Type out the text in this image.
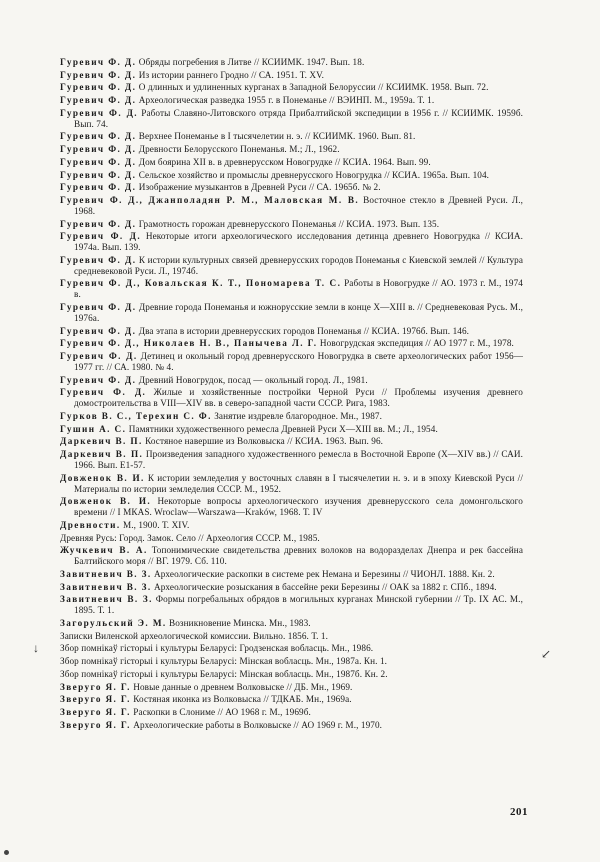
Гуревич Ф. Д. Обряды погребения в Литве // КСИИМК. 1947. Вып. 18.
Гуревич Ф. Д. Из истории раннего Гродно // СА. 1951. Т. XV.
Гуревич Ф. Д. О длинных и удлиненных курганах в Западной Белоруссии // КСИИМК. 1958. Вып. 72.
Гуревич Ф. Д. Археологическая разведка 1955 г. в Понеманье // ВЭИНП. М., 1959а. Т. 1.
Гуревич Ф. Д. Работы Славяно-Литовского отряда Прибалтийской экспедиции в 1956 г. // КСИИМК. 1959б. Вып. 74.
Гуревич Ф. Д. Верхнее Понеманье в I тысячелетии н. э. // КСИИМК. 1960. Вып. 81.
Гуревич Ф. Д. Древности Белорусского Понеманья. М.; Л., 1962.
Гуревич Ф. Д. Дом боярина XII в. в древнерусском Новогрудке // КСИА. 1964. Вып. 99.
Гуревич Ф. Д. Сельское хозяйство и промыслы древнерусского Новогрудка // КСИА. 1965а. Вып. 104.
Гуревич Ф. Д. Изображение музыкантов в Древней Руси // СА. 1965б. № 2.
Гуревич Ф. Д., Джанполадян Р. М., Маловская М. В. Восточное стекло в Древней Руси. Л., 1968.
Гуревич Ф. Д. Грамотность горожан древнерусского Понеманья // КСИА. 1973. Вып. 135.
Гуревич Ф. Д. Некоторые итоги археологического исследования детинца древнего Новогрудка // КСИА. 1974а. Вып. 139.
Гуревич Ф. Д. К истории культурных связей древнерусских городов Понеманья с Киевской землей // Культура средневековой Руси. Л., 1974б.
Гуревич Ф. Д., Ковальская К. Т., Пономарева Т. С. Работы в Новогрудке // АО. 1973 г. М., 1974 в.
Гуревич Ф. Д. Древние города Понеманья и южнорусские земли в конце X—XIII в. // Средневековая Русь. М., 1976а.
Гуревич Ф. Д. Два этапа в истории древнерусских городов Понеманья // КСИА. 1976б. Вып. 146.
Гуревич Ф. Д., Николаев Н. В., Панычева Л. Г. Новогрудская экспедиция // АО 1977 г. М., 1978.
Гуревич Ф. Д. Детинец и окольный город древнерусского Новогрудка в свете археологических работ 1956—1977 гг. // СА. 1980. № 4.
Гуревич Ф. Д. Древний Новогрудок, посад — окольный город. Л., 1981.
Гуревич Ф. Д. Жилые и хозяйственные постройки Черной Руси // Проблемы изучения древнего домостроительства в VIII—XIV вв. в северо-западной части СССР. Рига, 1983.
Гурков В. С., Терехин С. Ф. Занятие издревле благородное. Мн., 1987.
Гушин А. С. Памятники художественного ремесла Древней Руси X—XIII вв. М.; Л., 1954.
Даркевич В. П. Костяное навершие из Волковыска // КСИА. 1963. Вып. 96.
Даркевич В. П. Произведения западного художественного ремесла в Восточной Европе (X—XIV вв.) // САИ. 1966. Вып. Е1-57.
Довженок В. И. К истории земледелия у восточных славян в I тысячелетии н. э. и в эпоху Киевской Руси // Материалы по истории земледелия СССР. М., 1952.
Довженок В. И. Некоторые вопросы археологического изучения древнерусского села домонгольского времени // I МКАS. Wroclaw—Warszawa—Kraków, 1968. Т. IV
Древности. М., 1900. Т. XIV.
Древняя Русь: Город. Замок. Село // Археология СССР. М., 1985.
Жучкевич В. А. Топонимические свидетельства древних волоков на водоразделах Днепра и рек бассейна Балтийского моря // ВГ. 1979. Сб. 110.
Завитневич В. З. Археологические раскопки в системе рек Немана и Березины // ЧИОНЛ. 1888. Кн. 2.
Завитневич В. З. Археологические розыскания в бассейне реки Березины // ОАК за 1882 г. СПб., 1894.
Завитневич В. З. Формы погребальных обрядов в могильных курганах Минской губернии // Тр. IX АС. М., 1895. Т. 1.
Загорульский Э. М. Возникновение Минска. Мн., 1983.
Записки Виленской археологической комиссии. Вильно. 1856. Т. 1.
Збор помнікаў гісторыі і культуры Беларусі: Гродзенская вобласць. Мн., 1986.
Збор помнікаў гісторыі і культуры Беларусі: Мінская вобласць. Мн., 1987а. Кн. 1.
Збор помнікаў гісторыі і культуры Беларусі: Мінская вобласць. Мн., 1987б. Кн. 2.
Зверуго Я. Г. Новые данные о древнем Волковыске // ДБ. Мн., 1969.
Зверуго Я. Г. Костяная иконка из Волковыска // ТДКАБ. Мн., 1969а.
Зверуго Я. Г. Раскопки в Слониме // АО 1968 г. М., 1969б.
Зверуго Я. Г. Археологические работы в Волковыске // АО 1969 г. М., 1970.
201
↓	↙
